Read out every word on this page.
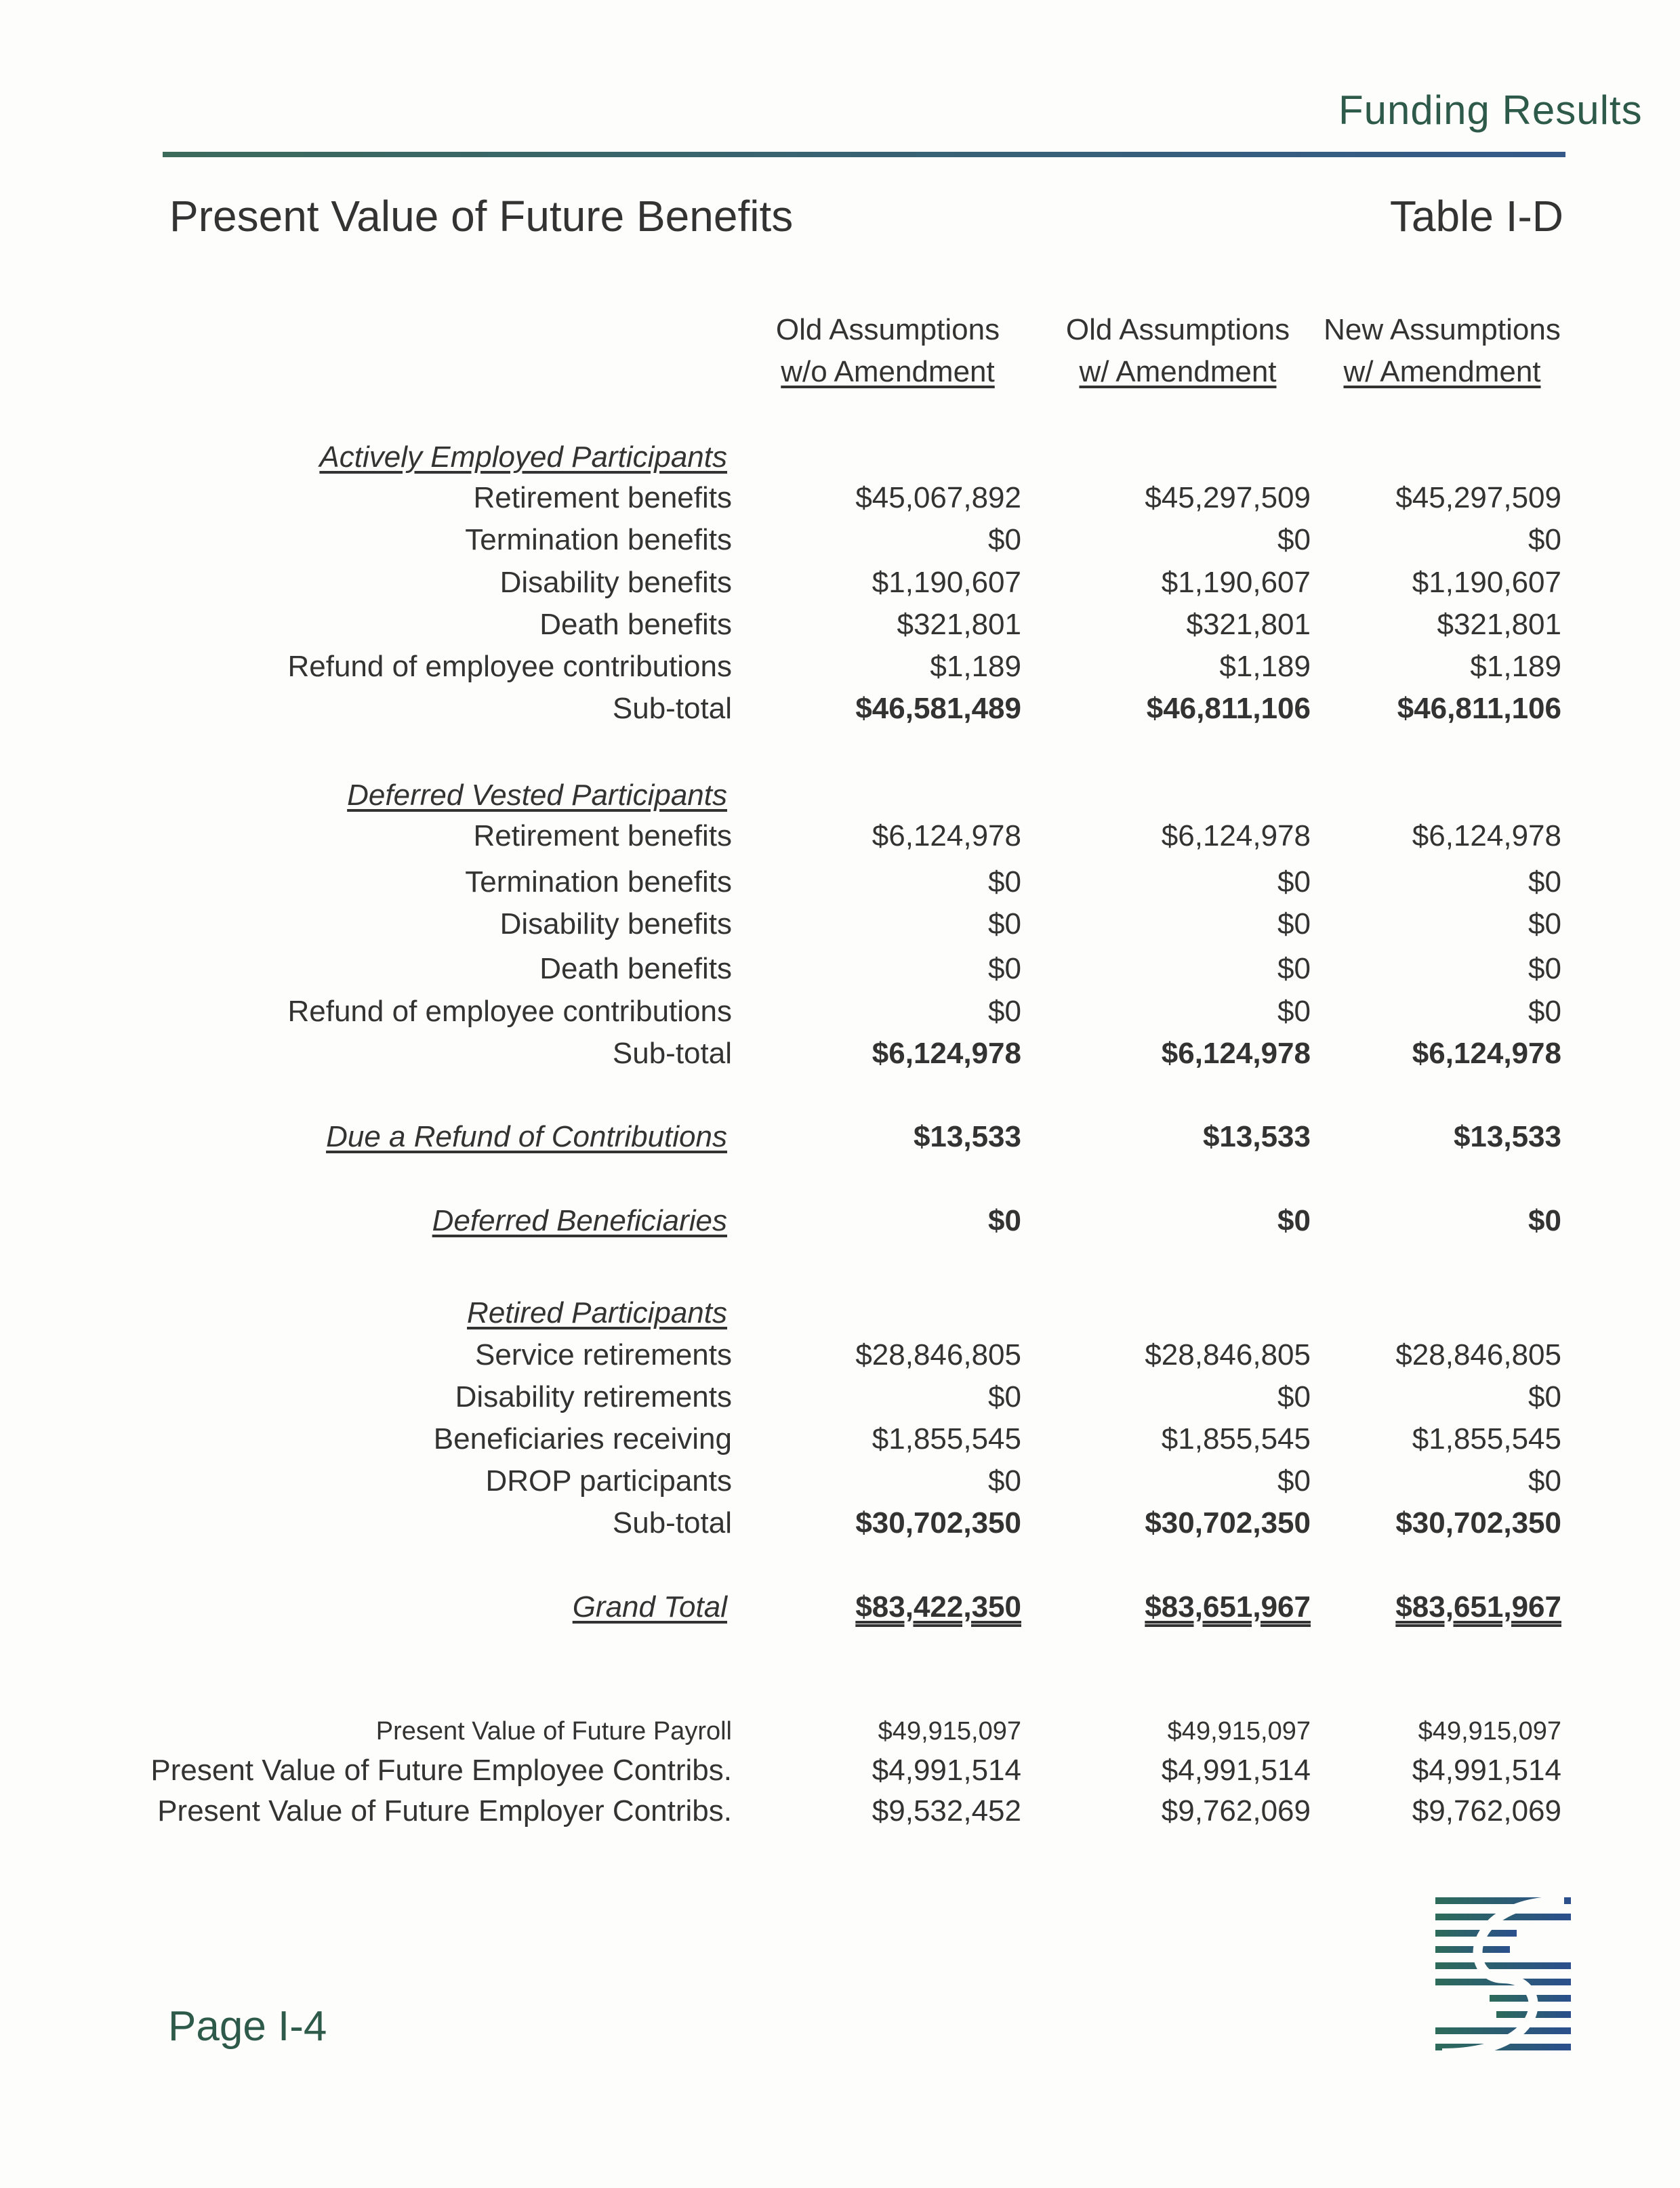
Funding Results
Present Value of Future Benefits	Table I-D
Old Assumptions
w/o Amendment
Old Assumptions
w/ Amendment
New Assumptions
w/ Amendment
Actively Employed Participants
Retirement benefits	$45,067,892	$45,297,509	$45,297,509
Termination benefits	$0	$0	$0
Disability benefits	$1,190,607	$1,190,607	$1,190,607
Death benefits	$321,801	$321,801	$321,801
Refund of employee contributions	$1,189	$1,189	$1,189
Sub-total	$46,581,489	$46,811,106	$46,811,106
Deferred Vested Participants
Retirement benefits	$6,124,978	$6,124,978	$6,124,978
Termination benefits	$0	$0	$0
Disability benefits	$0	$0	$0
Death benefits	$0	$0	$0
Refund of employee contributions	$0	$0	$0
Sub-total	$6,124,978	$6,124,978	$6,124,978
Due a Refund of Contributions	$13,533	$13,533	$13,533
Deferred Beneficiaries	$0	$0	$0
Retired Participants
Service retirements	$28,846,805	$28,846,805	$28,846,805
Disability retirements	$0	$0	$0
Beneficiaries receiving	$1,855,545	$1,855,545	$1,855,545
DROP participants	$0	$0	$0
Sub-total	$30,702,350	$30,702,350	$30,702,350
Grand Total	$83,422,350	$83,651,967	$83,651,967
Present Value of Future Payroll	$49,915,097	$49,915,097	$49,915,097
Present Value of Future Employee Contribs.	$4,991,514	$4,991,514	$4,991,514
Present Value of Future Employer Contribs.	$9,532,452	$9,762,069	$9,762,069
Page I-4
